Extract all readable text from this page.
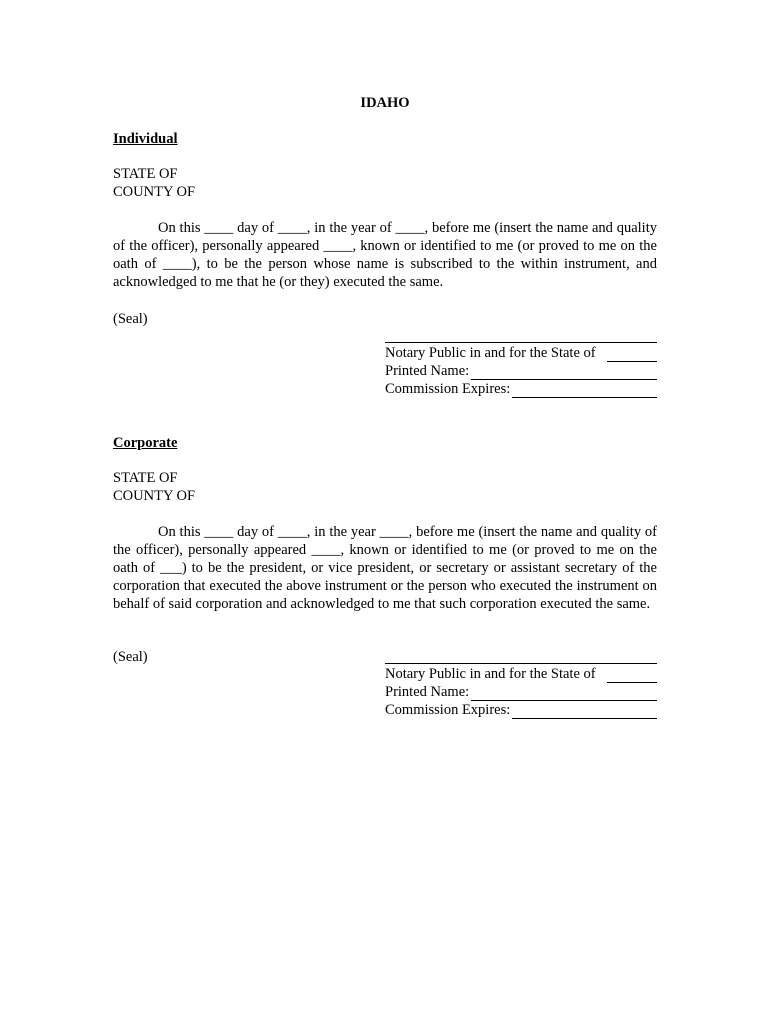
IDAHO
Individual
STATE OF
COUNTY OF
On this ____ day of ____, in the year of ____, before me (insert the name and quality of the officer), personally appeared ____, known or identified to me (or proved to me on the oath of ____), to be the person whose name is subscribed to the within instrument, and acknowledged to me that he (or they) executed the same.
(Seal)
Notary Public in and for the State of
Printed Name:
Commission Expires:
Corporate
STATE OF
COUNTY OF
On this ____ day of ____, in the year ____, before me (insert the name and quality of the officer), personally appeared ____, known or identified to me (or proved to me on the oath of ___) to be the president, or vice president, or secretary or assistant secretary of the corporation that executed the above instrument or the person who executed the instrument on behalf of said corporation and acknowledged to me that such corporation executed the same.
(Seal)
Notary Public in and for the State of
Printed Name:
Commission Expires:
